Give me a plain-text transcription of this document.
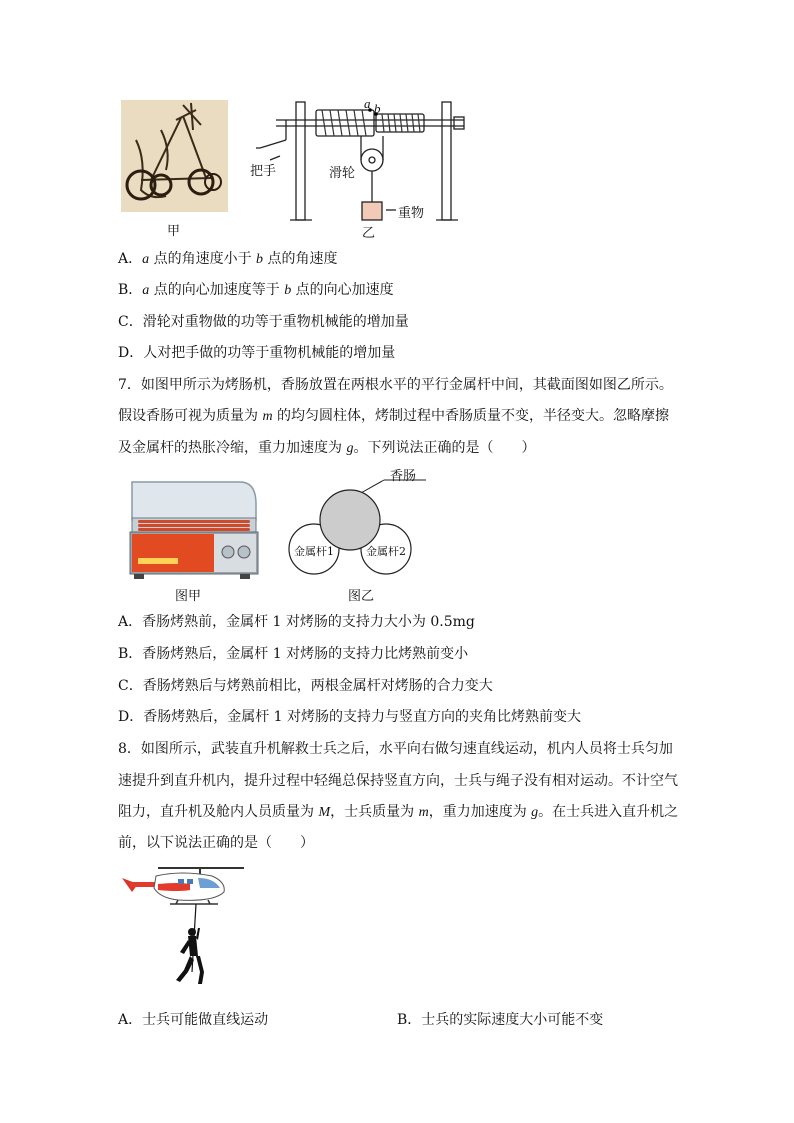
甲
a b
把手	滑轮
重物
乙
A．a 点的角速度小于 b 点的角速度
B．a 点的向心加速度等于 b 点的向心加速度
C．滑轮对重物做的功等于重物机械能的增加量
D．人对把手做的功等于重物机械能的增加量
7．如图甲所示为烤肠机，香肠放置在两根水平的平行金属杆中间，其截面图如图乙所示。
假设香肠可视为质量为 m 的均匀圆柱体，烤制过程中香肠质量不变，半径变大。忽略摩擦
及金属杆的热胀冷缩，重力加速度为 g。下列说法正确的是（　　）
图甲
香肠
金属杆1	金属杆2
图乙
A．香肠烤熟前，金属杆 1 对烤肠的支持力大小为 0.5mg
B．香肠烤熟后，金属杆 1 对烤肠的支持力比烤熟前变小
C．香肠烤熟后与烤熟前相比，两根金属杆对烤肠的合力变大
D．香肠烤熟后，金属杆 1 对烤肠的支持力与竖直方向的夹角比烤熟前变大
8．如图所示，武装直升机解救士兵之后，水平向右做匀速直线运动，机内人员将士兵匀加
速提升到直升机内，提升过程中轻绳总保持竖直方向，士兵与绳子没有相对运动。不计空气
阻力，直升机及舱内人员质量为 M，士兵质量为 m，重力加速度为 g。在士兵进入直升机之
前，以下说法正确的是（　　）
A．士兵可能做直线运动	B．士兵的实际速度大小可能不变
